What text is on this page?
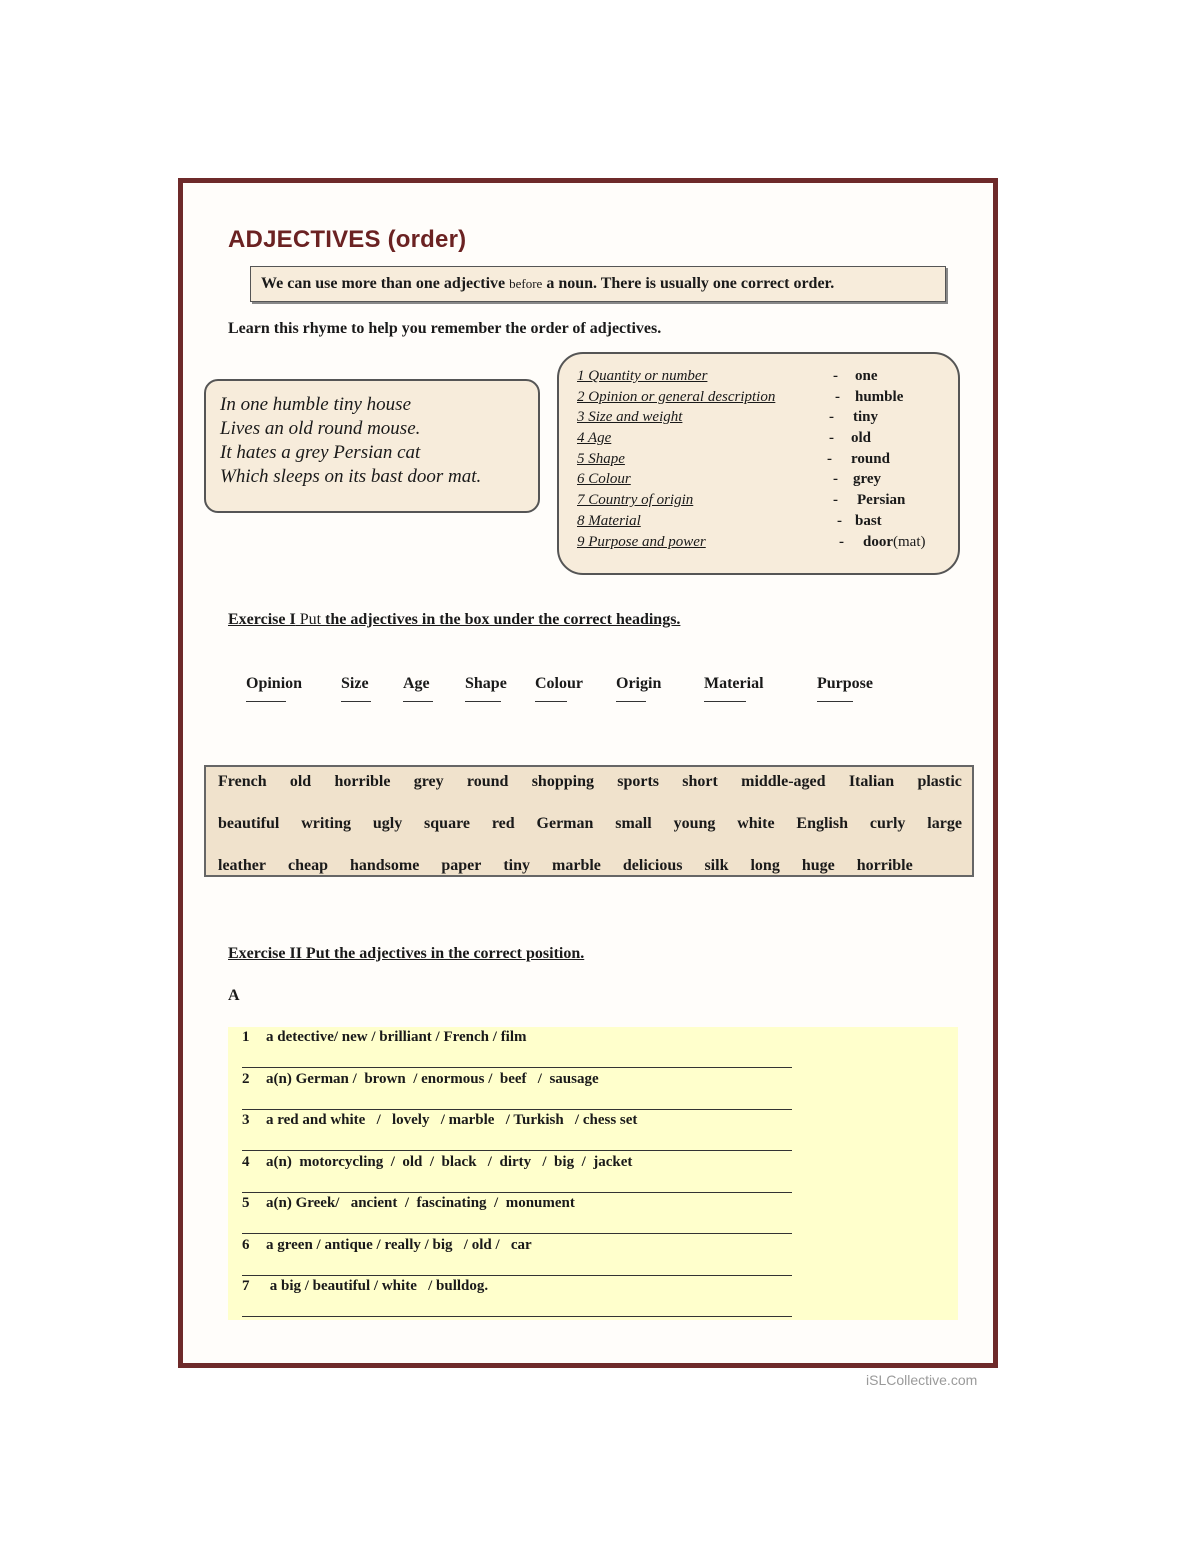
ADJECTIVES (order)
We can use more than one adjective before a noun. There is usually one correct order.
Learn this rhyme to help you remember the order of adjectives.
In one humble tiny house
Lives an old round mouse.
It hates a grey Persian cat
Which sleeps on its bast door mat.
1 Quantity or number	- one
2 Opinion or general description	- humble
3 Size and weight	- tiny
4 Age	- old
5 Shape	- round
6 Colour	- grey
7 Country of origin	- Persian
8 Material	- bast
9 Purpose and power	- door(mat)
Exercise I Put the adjectives in the box under the correct headings.
Opinion Size Age Shape Colour Origin	Material	Purpose
French old horrible grey round shopping sports short middle-aged Italian plastic
beautiful writing ugly square red German small young white English curly large
leather cheap handsome paper tiny marble delicious silk long huge horrible
Exercise II Put the adjectives in the correct position.
A
1 a detective/ new / brilliant / French / film
2 a(n) German /  brown  / enormous /  beef   /  sausage
3 a red and white   /   lovely   / marble   / Turkish   / chess set
4 a(n)  motorcycling  /  old  /  black   /  dirty   /  big  /  jacket
5 a(n) Greek/   ancient  /  fascinating  /  monument
6 a green / antique / really / big   / old /   car
7 a big / beautiful / white   / bulldog.
iSLCollective.com
